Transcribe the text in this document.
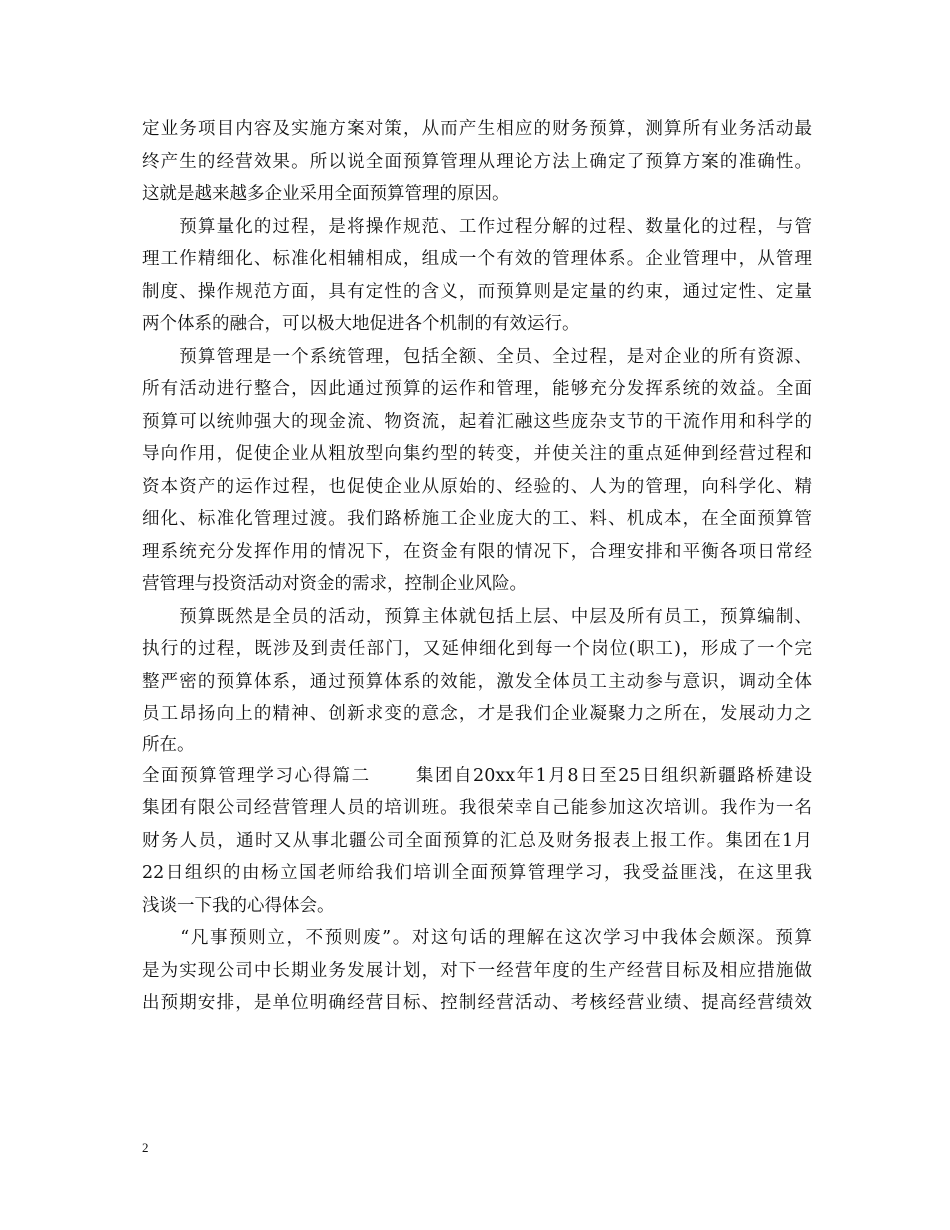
定业务项目内容及实施方案对策，从而产生相应的财务预算，测算所有业务活动最
终产生的经营效果。所以说全面预算管理从理论方法上确定了预算方案的准确性。
这就是越来越多企业采用全面预算管理的原因。
　　预算量化的过程，是将操作规范、工作过程分解的过程、数量化的过程，与管
理工作精细化、标准化相辅相成，组成一个有效的管理体系。企业管理中，从管理
制度、操作规范方面，具有定性的含义，而预算则是定量的约束，通过定性、定量
两个体系的融合，可以极大地促进各个机制的有效运行。
　　预算管理是一个系统管理，包括全额、全员、全过程，是对企业的所有资源、
所有活动进行整合，因此通过预算的运作和管理，能够充分发挥系统的效益。全面
预算可以统帅强大的现金流、物资流，起着汇融这些庞杂支节的干流作用和科学的
导向作用，促使企业从粗放型向集约型的转变，并使关注的重点延伸到经营过程和
资本资产的运作过程，也促使企业从原始的、经验的、人为的管理，向科学化、精
细化、标准化管理过渡。我们路桥施工企业庞大的工、料、机成本，在全面预算管
理系统充分发挥作用的情况下，在资金有限的情况下，合理安排和平衡各项日常经
营管理与投资活动对资金的需求，控制企业风险。
　　预算既然是全员的活动，预算主体就包括上层、中层及所有员工，预算编制、
执行的过程，既涉及到责任部门，又延伸细化到每一个岗位(职工)，形成了一个完
整严密的预算体系，通过预算体系的效能，激发全体员工主动参与意识，调动全体
员工昂扬向上的精神、创新求变的意念，才是我们企业凝聚力之所在，发展动力之
所在。
全面预算管理学习心得篇二　　 集团自20xx年1月8日至25日组织新疆路桥建设
集团有限公司经营管理人员的培训班。我很荣幸自己能参加这次培训。我作为一名
财务人员，通时又从事北疆公司全面预算的汇总及财务报表上报工作。集团在1月
22日组织的由杨立国老师给我们培训全面预算管理学习，我受益匪浅，在这里我
浅谈一下我的心得体会。
　　“凡事预则立，不预则废”。对这句话的理解在这次学习中我体会颇深。预算
是为实现公司中长期业务发展计划，对下一经营年度的生产经营目标及相应措施做
出预期安排，是单位明确经营目标、控制经营活动、考核经营业绩、提高经营绩效
2
